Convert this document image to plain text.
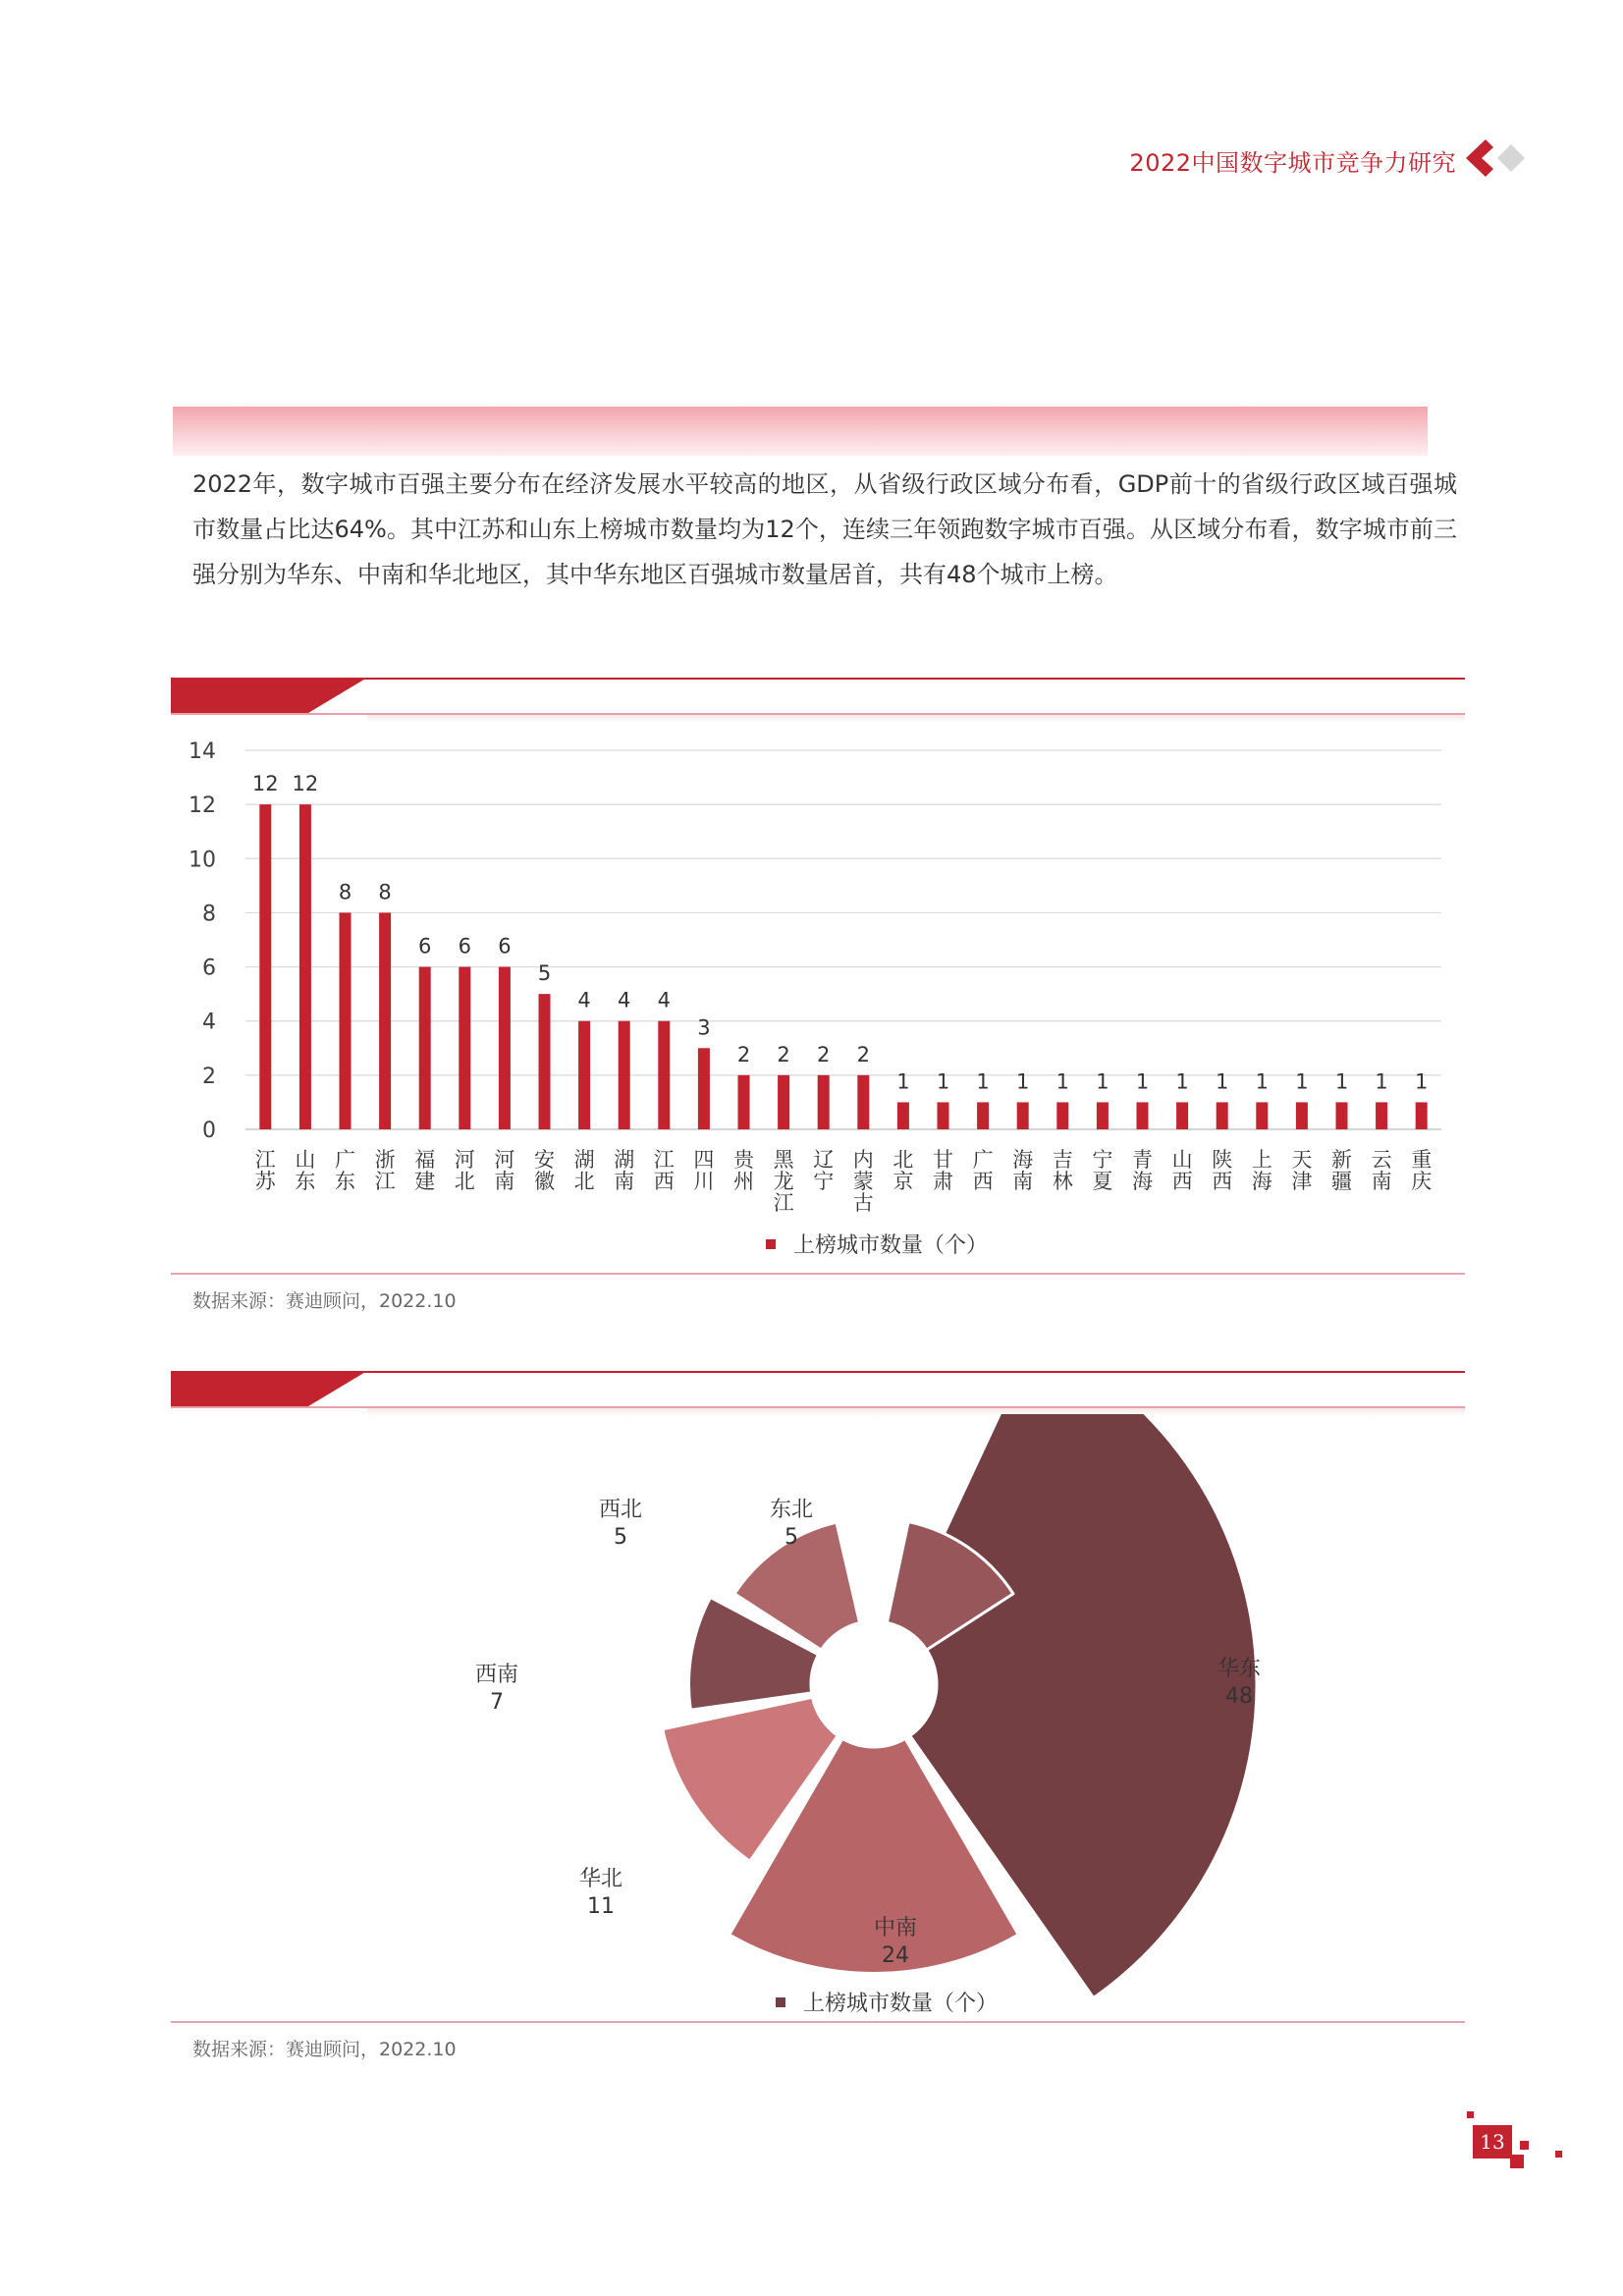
2022中国数字城市竞争力研究
2022年，数字城市百强主要分布在经济发展水平较高的地区，从省级行政区域分布看，GDP前十的省级行政区域百强城市数量占比达64%。其中江苏和山东上榜城市数量均为12个，连续三年领跑数字城市百强。从区域分布看，数字城市前三强分别为华东、中南和华北地区，其中华东地区百强城市数量居首，共有48个城市上榜。
0
2
4
6
8
10
12
14
12
江苏
12
山东
8
广东
8
浙江
6
福建
6
河北
6
河南
5
安徽
4
湖北
4
湖南
4
江西
3
四川
2
贵州
2
黑龙江
2
辽宁
2
内蒙古
1
北京
1
甘肃
1
广西
1
海南
1
吉林
1
宁夏
1
青海
1
山西
1
陕西
1
上海
1
天津
1
新疆
1
云南
1
重庆
上榜城市数量（个）
数据来源：赛迪顾问，2022.10
华东
48
中南
24
华北
11
西南
7
西北
5
东北
5
上榜城市数量（个）
数据来源：赛迪顾问，2022.10
13
